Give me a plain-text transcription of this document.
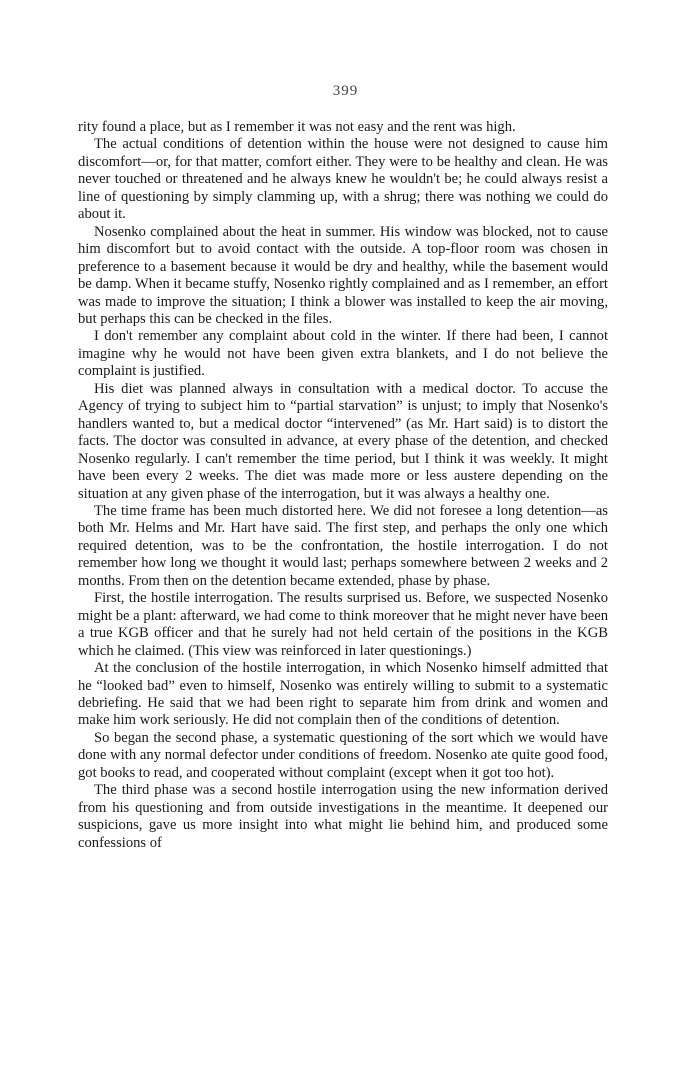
399

rity found a place, but as I remember it was not easy and the rent was high.

The actual conditions of detention within the house were not designed to cause him discomfort—or, for that matter, comfort either. They were to be healthy and clean. He was never touched or threatened and he always knew he wouldn't be; he could always resist a line of questioning by simply clamming up, with a shrug; there was nothing we could do about it.

Nosenko complained about the heat in summer. His window was blocked, not to cause him discomfort but to avoid contact with the outside. A top-floor room was chosen in preference to a basement because it would be dry and healthy, while the basement would be damp. When it became stuffy, Nosenko rightly complained and as I remember, an effort was made to improve the situation; I think a blower was installed to keep the air moving, but perhaps this can be checked in the files.

I don't remember any complaint about cold in the winter. If there had been, I cannot imagine why he would not have been given extra blankets, and I do not believe the complaint is justified.

His diet was planned always in consultation with a medical doctor. To accuse the Agency of trying to subject him to “partial starvation” is unjust; to imply that Nosenko's handlers wanted to, but a medical doctor “intervened” (as Mr. Hart said) is to distort the facts. The doctor was consulted in advance, at every phase of the detention, and checked Nosenko regularly. I can't remember the time period, but I think it was weekly. It might have been every 2 weeks. The diet was made more or less austere depending on the situation at any given phase of the interrogation, but it was always a healthy one.

The time frame has been much distorted here. We did not foresee a long detention—as both Mr. Helms and Mr. Hart have said. The first step, and perhaps the only one which required detention, was to be the confrontation, the hostile interrogation. I do not remember how long we thought it would last; perhaps somewhere between 2 weeks and 2 months. From then on the detention became extended, phase by phase.

First, the hostile interrogation. The results surprised us. Before, we suspected Nosenko might be a plant: afterward, we had come to think moreover that he might never have been a true KGB officer and that he surely had not held certain of the positions in the KGB which he claimed. (This view was reinforced in later questionings.)

At the conclusion of the hostile interrogation, in which Nosenko himself admitted that he “looked bad” even to himself, Nosenko was entirely willing to submit to a systematic debriefing. He said that we had been right to separate him from drink and women and make him work seriously. He did not complain then of the conditions of detention.

So began the second phase, a systematic questioning of the sort which we would have done with any normal defector under conditions of freedom. Nosenko ate quite good food, got books to read, and cooperated without complaint (except when it got too hot).

The third phase was a second hostile interrogation using the new information derived from his questioning and from outside investigations in the meantime. It deepened our suspicions, gave us more insight into what might lie behind him, and produced some confessions of
